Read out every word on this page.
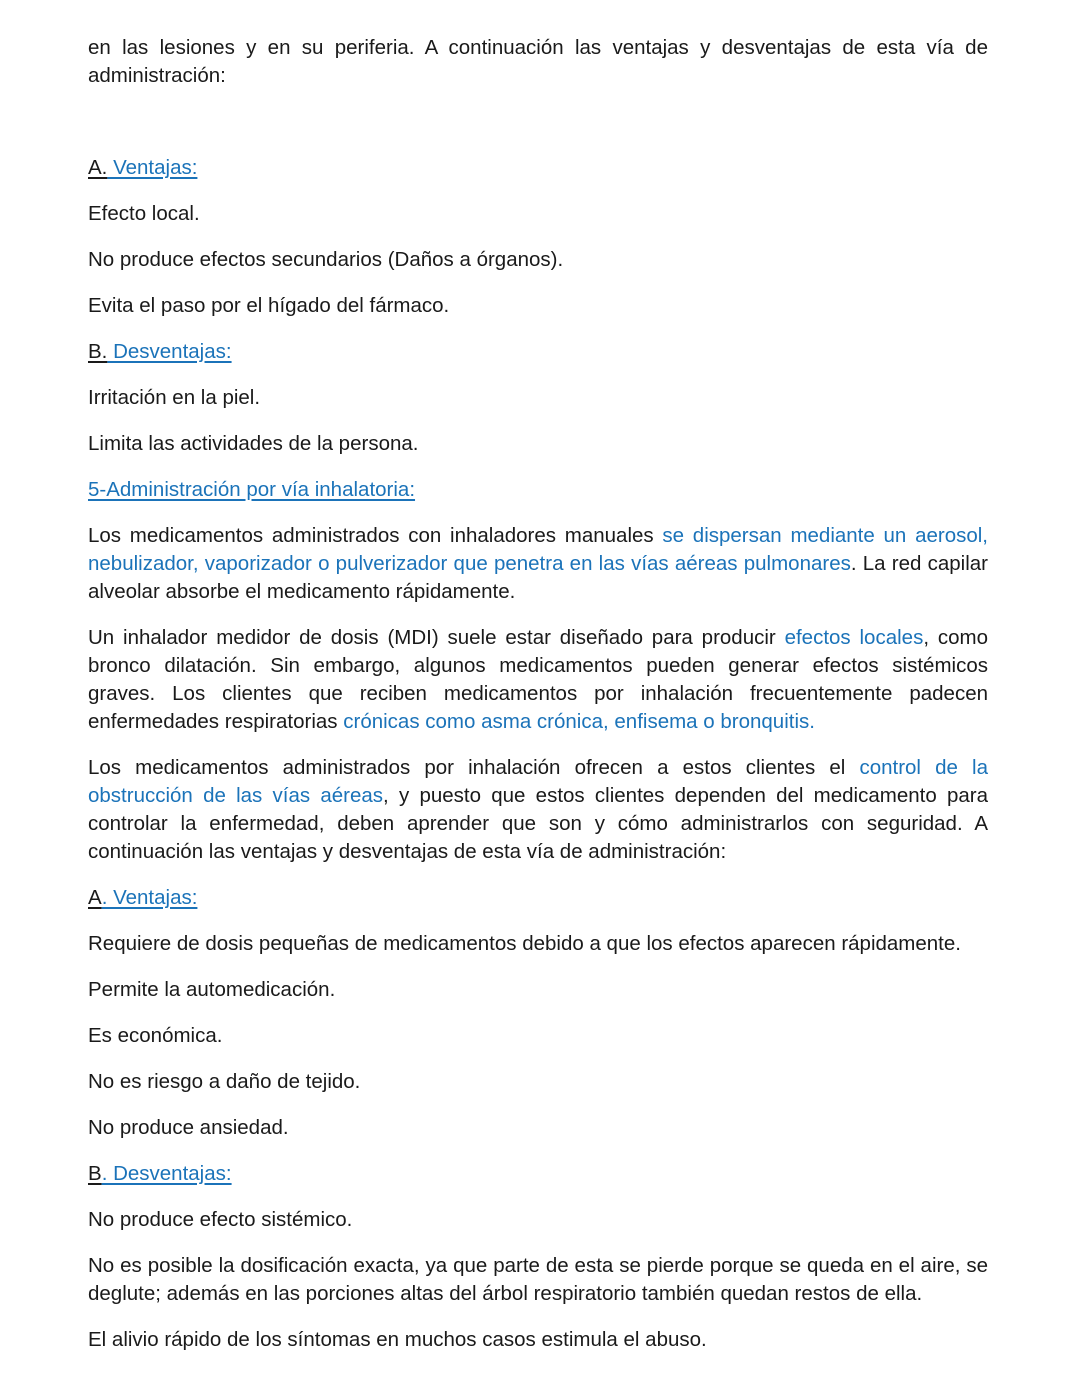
en las lesiones y en su periferia. A continuación las ventajas y desventajas de esta vía de administración:

A. Ventajas:

Efecto local.

No produce efectos secundarios (Daños a órganos).

Evita el paso por el hígado del fármaco.

B. Desventajas:

Irritación en la piel.

Limita las actividades de la persona.

5-Administración por vía inhalatoria:

Los medicamentos administrados con inhaladores manuales se dispersan mediante un aerosol, nebulizador, vaporizador o pulverizador que penetra en las vías aéreas pulmonares. La red capilar alveolar absorbe el medicamento rápidamente.

Un inhalador medidor de dosis (MDI) suele estar diseñado para producir efectos locales, como bronco dilatación. Sin embargo, algunos medicamentos pueden generar efectos sistémicos graves. Los clientes que reciben medicamentos por inhalación frecuentemente padecen enfermedades respiratorias crónicas como asma crónica, enfisema o bronquitis.

Los medicamentos administrados por inhalación ofrecen a estos clientes el control de la obstrucción de las vías aéreas, y puesto que estos clientes dependen del medicamento para controlar la enfermedad, deben aprender que son y cómo administrarlos con seguridad. A continuación las ventajas y desventajas de esta vía de administración:

A. Ventajas:

Requiere de dosis pequeñas de medicamentos debido a que los efectos aparecen rápidamente.

Permite la automedicación.

Es económica.

No es riesgo a daño de tejido.

No produce ansiedad.

B. Desventajas:

No produce efecto sistémico.

No es posible la dosificación exacta, ya que parte de esta se pierde porque se queda en el aire, se deglute; además en las porciones altas del árbol respiratorio también quedan restos de ella.

El alivio rápido de los síntomas en muchos casos estimula el abuso.
